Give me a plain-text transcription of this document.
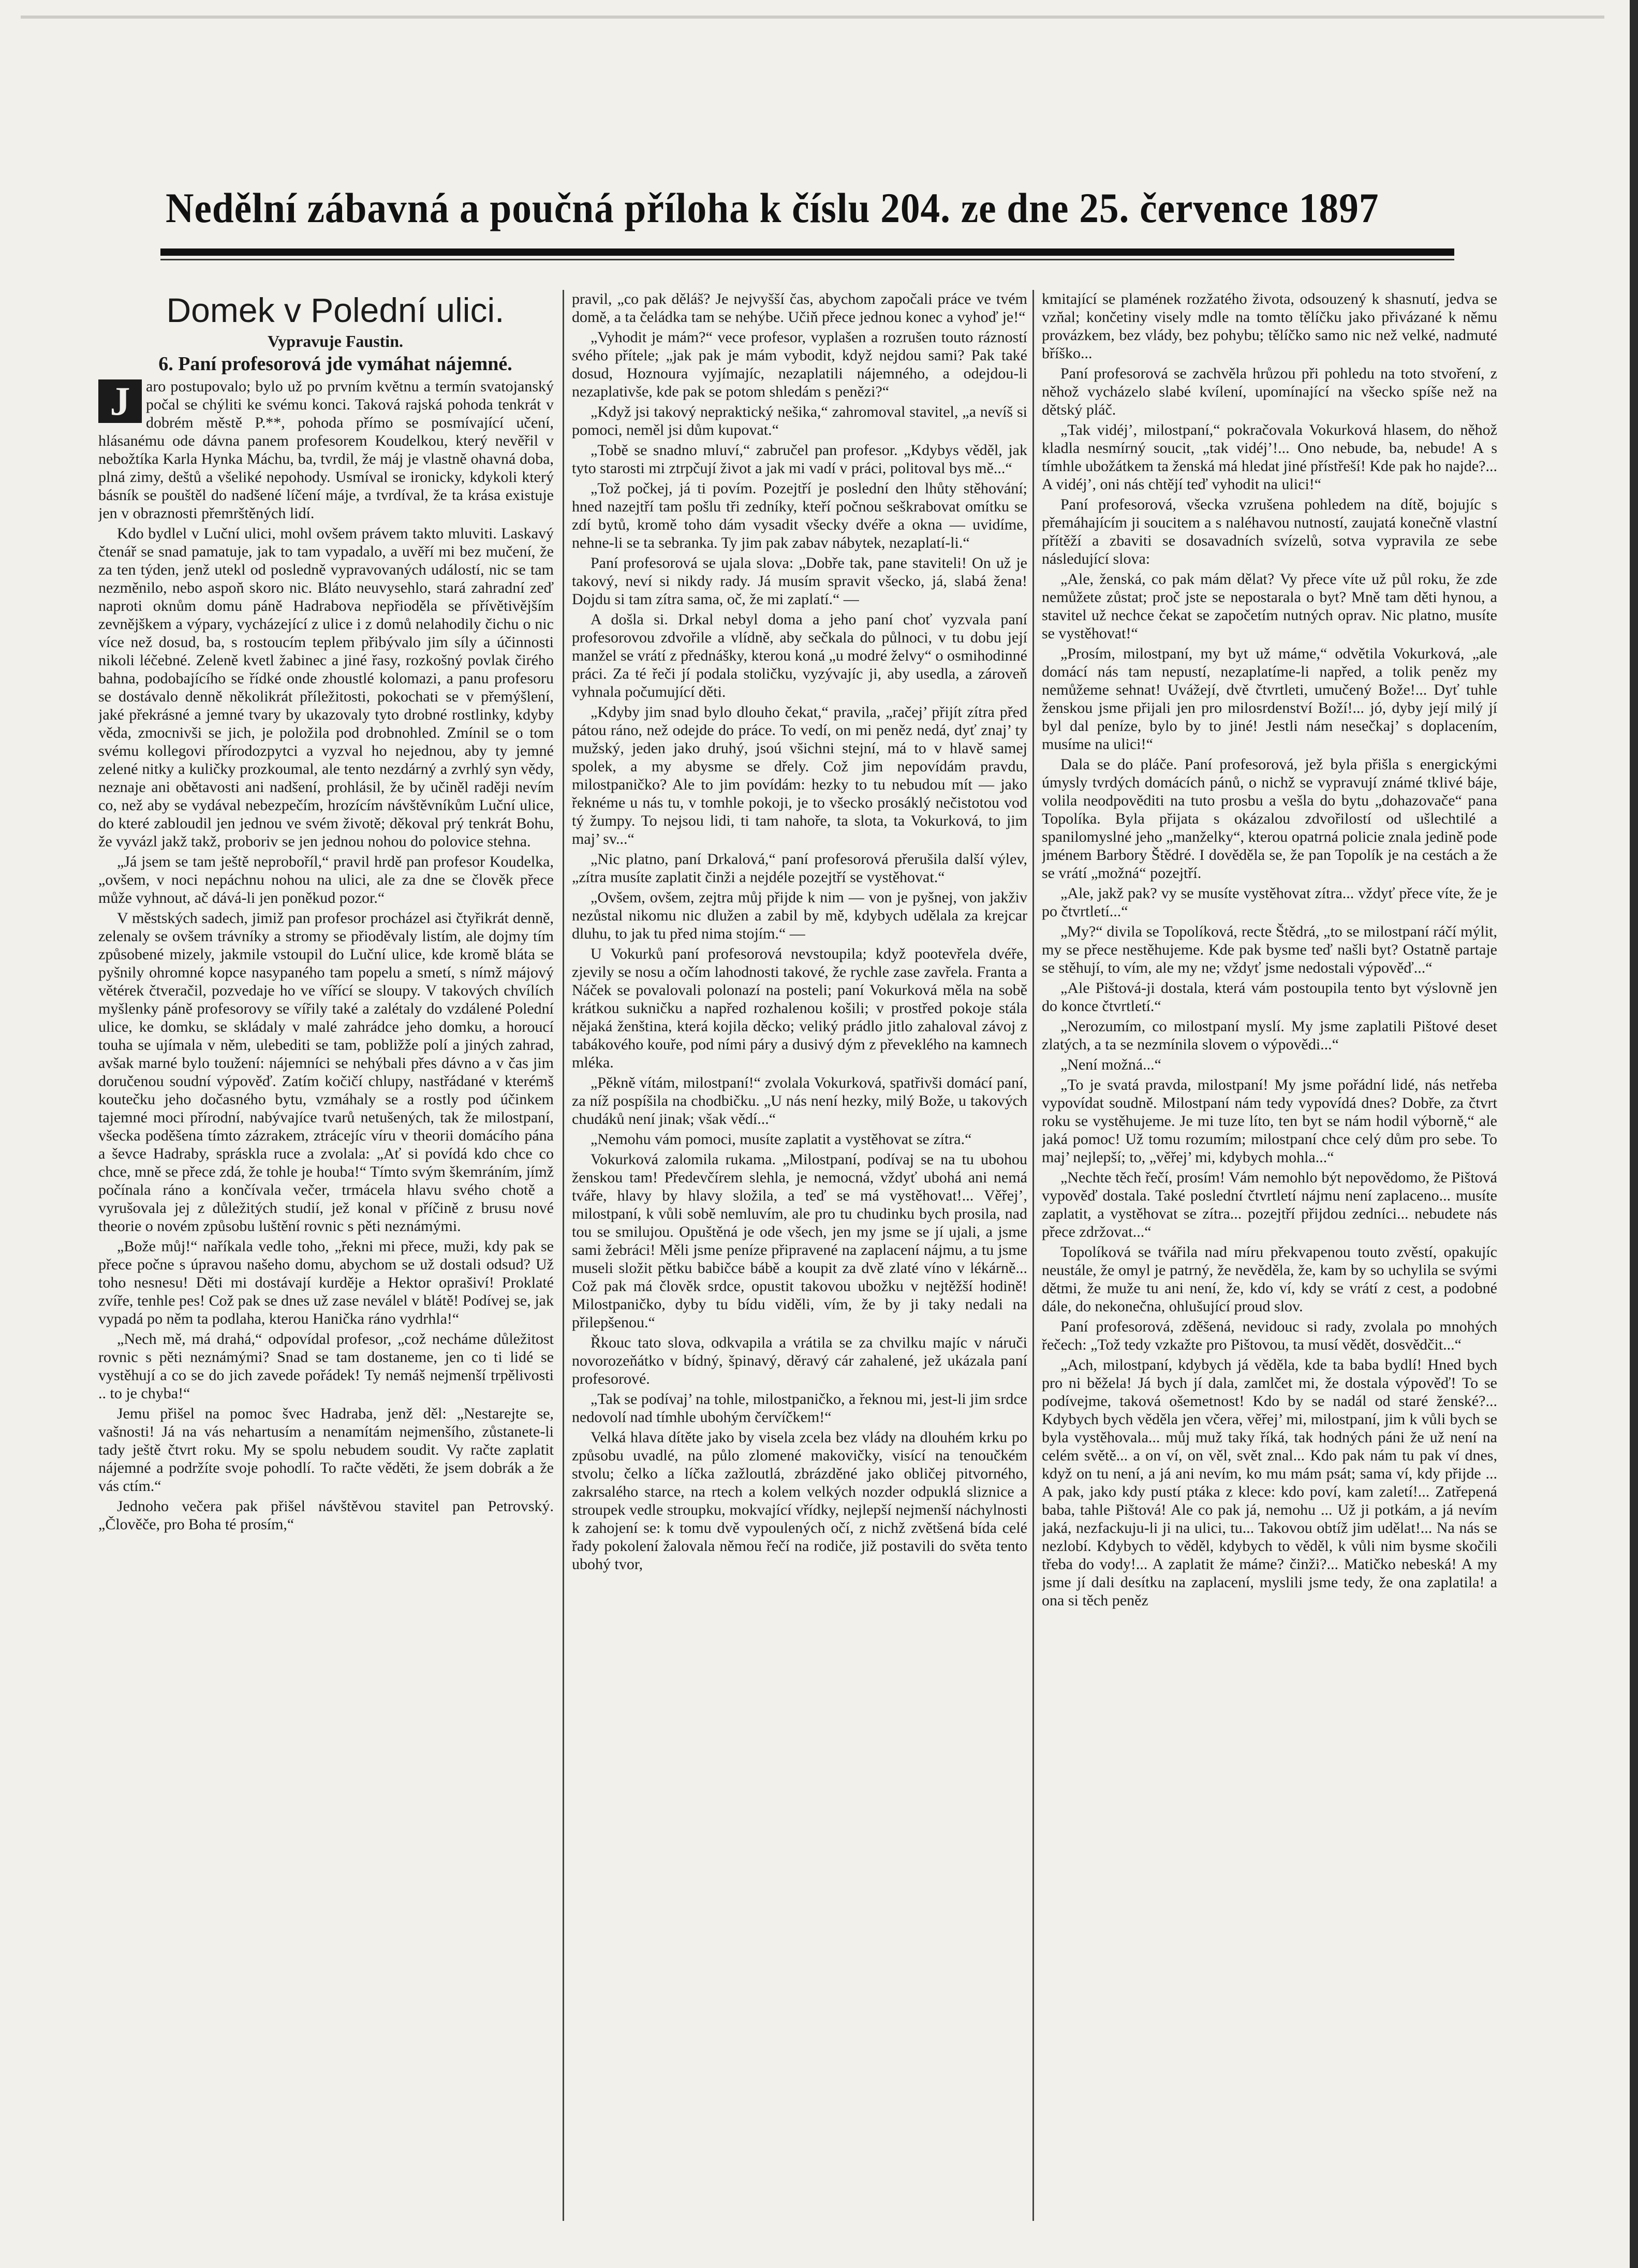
Nedělní zábavná a poučná příloha k číslu 204. ze dne 25. července 1897

Domek v Polední ulici.

Vypravuje Faustin.

6. Paní profesorová jde vymáhat nájemné.

J	aro postupovalo; bylo už po prvním květnu a termín svatojanský počal se chýliti ke svému konci. Taková rajská pohoda tenkrát v dobrém městě P.**, pohoda přímo se posmívající učení, hlásanému ode dávna panem profesorem Koudelkou, který nevěřil v nebožtíka Karla Hynka Máchu, ba, tvrdil, že máj je vlastně ohavná doba, plná zimy, deštů a všeliké nepohody. Usmíval se ironicky, kdykoli který básník se pouštěl do nadšené líčení máje, a tvrdíval, že ta krása existuje jen v obraznosti přemrštěných lidí.

Kdo bydlel v Luční ulici, mohl ovšem právem takto mluviti. Laskavý čtenář se snad pamatuje, jak to tam vypadalo, a uvěří mi bez mučení, že za ten týden, jenž utekl od posledně vypravovaných událostí, nic se tam nezměnilo, nebo aspoň skoro nic. Bláto neuvysehlo, stará zahradní zeď naproti oknům domu páně Hadrabova nepřioděla se přívětivějším zevnějškem a výpary, vycházející z ulice i z domů nelahodily čichu o nic více než dosud, ba, s rostoucím teplem přibývalo jim síly a účinnosti nikoli léčebné. Zeleně kvetl žabinec a jiné řasy, rozkošný povlak čirého bahna, podobajícího se řídké onde zhoustlé kolomazi, a panu profesoru se dostávalo denně několikrát příležitosti, pokochati se v přemýšlení, jaké překrásné a jemné tvary by ukazovaly tyto drobné rostlinky, kdyby věda, zmocnivši se jich, je položila pod drobnohled. Zmínil se o tom svému kollegovi přírodozpytci a vyzval ho nejednou, aby ty jemné zelené nitky a kuličky prozkoumal, ale tento nezdárný a zvrhlý syn vědy, neznaje ani obětavosti ani nadšení, prohlásil, že by učiněl raději nevím co, než aby se vydával nebezpečím, hrozícím návštěvníkům Luční ulice, do které zabloudil jen jednou ve svém životě; děkoval prý tenkrát Bohu, že vyvázl jakž takž, proboriv se jen jednou nohou do polovice stehna.

„Já jsem se tam ještě neproboříl,“ pravil hrdě pan profesor Koudelka, „ovšem, v noci nepáchnu nohou na ulici, ale za dne se člověk přece může vyhnout, ač dává-li jen poněkud pozor.“

V městských sadech, jimiž pan profesor procházel asi čtyřikrát denně, zelenaly se ovšem trávníky a stromy se přioděvaly listím, ale dojmy tím způsobené mizely, jakmile vstoupil do Luční ulice, kde kromě bláta se pyšnily ohromné kopce nasypaného tam popelu a smetí, s nímž májový větérek čtveračil, pozvedaje ho ve vířící se sloupy. V takových chvílích myšlenky páně profesorovy se vířily také a zalétaly do vzdálené Polední ulice, ke domku, se skládaly v malé zahrádce jeho domku, a horoucí touha se ujímala v něm, ulebediti se tam, pobližže polí a jiných zahrad, avšak marné bylo toužení: nájemníci se nehýbali přes dávno a v čas jim doručenou soudní výpověď. Zatím kočičí chlupy, nastřádané v kterémš koutečku jeho dočasného bytu, vzmáhaly se a rostly pod účinkem tajemné moci přírodní, nabývajíce tvarů netušených, tak že milostpaní, všecka poděšena tímto zázrakem, ztrácejíc víru v theorii domácího pána a ševce Hadraby, spráskla ruce a zvolala: „Ať si povídá kdo chce co chce, mně se přece zdá, že tohle je houba!“ Tímto svým škemráním, jímž počínala ráno a končívala večer, trmácela hlavu svého chotě a vyrušovala jej z důležitých studií, jež konal v příčině z brusu nové theorie o novém způsobu luštění rovnic s pěti neznámými.

„Bože můj!“ naříkala vedle toho, „řekni mi přece, muži, kdy pak se přece počne s úpravou našeho domu, abychom se už dostali odsud? Už toho nesnesu! Děti mi dostávají kurděje a Hektor oprašiví! Proklaté zvíře, tenhle pes! Což pak se dnes už zase neválel v blátě! Podívej se, jak vypadá po něm ta podlaha, kterou Hanička ráno vydrhla!“

„Nech mě, má drahá,“ odpovídal profesor, „což necháme důležitost rovnic s pěti neznámými? Snad se tam dostaneme, jen co ti lidé se vystěhují a co se do jich zavede pořádek! Ty nemáš nejmenší trpělivosti .. to je chyba!“

Jemu přišel na pomoc švec Hadraba, jenž děl: „Nestarejte se, vašnosti! Já na vás nehartusím a nenamítám nejmenšího, zůstanete-li tady ještě čtvrt roku. My se spolu nebudem soudit. Vy račte zaplatit nájemné a podržíte svoje pohodlí. To račte věděti, že jsem dobrák a že vás ctím.“

Jednoho večera pak přišel návštěvou stavitel pan Petrovský. „Člověče, pro Boha té prosím,“

pravil, „co pak děláš? Je nejvyšší čas, abychom započali práce ve tvém domě, a ta čeládka tam se nehýbe. Učiň přece jednou konec a vyhoď je!“

„Vyhodit je mám?“ vece profesor, vyplašen a rozrušen touto rázností svého přítele; „jak pak je mám vybodit, když nejdou sami? Pak také dosud, Hoznoura vyjímajíc, nezaplatili nájemného, a odejdou-li nezaplativše, kde pak se potom shledám s penězi?“

„Když jsi takový nepraktický nešika,“ zahromoval stavitel, „a nevíš si pomoci, neměl jsi dům kupovat.“

„Tobě se snadno mluví,“ zabručel pan profesor. „Kdybys věděl, jak tyto starosti mi ztrpčují život a jak mi vadí v práci, politoval bys mě...“

„Tož počkej, já ti povím. Pozejtří je poslední den lhůty stěhování; hned nazejtří tam pošlu tři zedníky, kteří počnou seškrabovat omítku se zdí bytů, kromě toho dám vysadit všecky dvéře a okna — uvidíme, nehne-li se ta sebranka. Ty jim pak zabav nábytek, nezaplatí-li.“

Paní profesorová se ujala slova: „Dobře tak, pane staviteli! On už je takový, neví si nikdy rady. Já musím spravit všecko, já, slabá žena! Dojdu si tam zítra sama, oč, že mi zaplatí.“ —

A došla si. Drkal nebyl doma a jeho paní choť vyzvala paní profesorovou zdvořile a vlídně, aby sečkala do půlnoci, v tu dobu její manžel se vrátí z přednášky, kterou koná „u modré želvy“ o osmihodinné práci. Za té řeči jí podala stoličku, vyzývajíc ji, aby usedla, a zároveň vyhnala počumující děti.

„Kdyby jim snad bylo dlouho čekat,“ pravila, „račej’ přijít zítra před pátou ráno, než odejde do práce. To vedí, on mi peněz nedá, dyť znaj’ ty mužský, jeden jako druhý, jsoú všichni stejní, má to v hlavě samej spolek, a my abysme se dřely. Což jim nepovídám pravdu, milostpaničko? Ale to jim povídám: hezky to tu nebudou mít — jako řeknéme u nás tu, v tomhle pokoji, je to všecko prosáklý nečistotou vod tý žumpy. To nejsou lidi, ti tam nahoře, ta slota, ta Vokurková, to jim maj’ sv...“

„Nic platno, paní Drkalová,“ paní profesorová přerušila další výlev, „zítra musíte zaplatit činži a nejdéle pozejtří se vystěhovat.“

„Ovšem, ovšem, zejtra můj přijde k nim — von je pyšnej, von jakživ nezůstal nikomu nic dlužen a zabil by mě, kdybych udělala za krejcar dluhu, to jak tu před nima stojím.“ —

U Vokurků paní profesorová nevstoupila; když pootevřela dvéře, zjevily se nosu a očím lahodnosti takové, že rychle zase zavřela. Franta a Náček se povalovali polonazí na posteli; paní Vokurková měla na sobě krátkou sukničku a napřed rozhalenou košili; v prostřed pokoje stála nějaká ženština, která kojila děcko; veliký prádlo jitlo zahaloval závoj z tabákového kouře, pod ními páry a dusivý dým z převeklého na kamnech mléka.

„Pěkně vítám, milostpaní!“ zvolala Vokurková, spatřivši domácí paní, za níž pospíšila na chodbičku. „U nás není hezky, milý Bože, u takových chudáků není jinak; však vědí...“

„Nemohu vám pomoci, musíte zaplatit a vystěhovat se zítra.“

Vokurková zalomila rukama. „Milostpaní, podívaj se na tu ubohou ženskou tam! Předevčírem slehla, je nemocná, vždyť ubohá ani nemá tváře, hlavy by hlavy složila, a teď se má vystěhovat!... Věřej’, milostpaní, k vůli sobě nemluvím, ale pro tu chudinku bych prosila, nad tou se smilujou. Opuštěná je ode všech, jen my jsme se jí ujali, a jsme sami žebráci! Měli jsme peníze připravené na zaplacení nájmu, a tu jsme museli složit pětku babičce bábě a koupit za dvě zlaté víno v lékárně... Což pak má člověk srdce, opustit takovou ubožku v nejtěžší hodině! Milostpaničko, dyby tu bídu viděli, vím, že by ji taky nedali na přilepšenou.“

Řkouc tato slova, odkvapila a vrátila se za chvilku majíc v náruči novorozeňátko v bídný, špinavý, děravý cár zahalené, jež ukázala paní profesorové.

„Tak se podívaj’ na tohle, milostpaničko, a řeknou mi, jest-li jim srdce nedovolí nad tímhle ubohým červíčkem!“

Velká hlava dítěte jako by visela zcela bez vlády na dlouhém krku po způsobu uvadlé, na půlo zlomené makovičky, visící na tenoučkém stvolu; čelko a líčka zažloutlá, zbrázděné jako obličej pitvorného, zakrsalého starce, na rtech a kolem velkých nozder odpuklá sliznice a stroupek vedle stroupku, mokvající vřídky, nejlepší nejmenší náchylnosti k zahojení se: k tomu dvě vypoulených očí, z nichž zvětšená bída celé řady pokolení žalovala němou řečí na rodiče, již postavili do světa tento ubohý tvor,

kmitající se plamének rozžatého života, odsouzený k shasnutí, jedva se vzňal; končetiny visely mdle na tomto tělíčku jako přivázané k němu provázkem, bez vlády, bez pohybu; tělíčko samo nic než velké, nadmuté bříško...

Paní profesorová se zachvěla hrůzou při pohledu na toto stvoření, z něhož vycházelo slabé kvílení, upomínající na všecko spíše než na dětský pláč.

„Tak vidéj’, milostpaní,“ pokračovala Vokurková hlasem, do něhož kladla nesmírný soucit, „tak vidéj’!... Ono nebude, ba, nebude! A s tímhle ubožátkem ta ženská má hledat jiné přístřeší! Kde pak ho najde?... A vidéj’, oni nás chtějí teď vyhodit na ulici!“

Paní profesorová, všecka vzrušena pohledem na dítě, bojujíc s přemáhajícím ji soucitem a s naléhavou nutností, zaujatá konečně vlastní přítěží a zbaviti se dosavadních svízelů, sotva vypravila ze sebe následující slova:

„Ale, ženská, co pak mám dělat? Vy přece víte už půl roku, že zde nemůžete zůstat; proč jste se nepostarala o byt? Mně tam děti hynou, a stavitel už nechce čekat se započetím nutných oprav. Nic platno, musíte se vystěhovat!“

„Prosím, milostpaní, my byt už máme,“ odvětila Vokurková, „ale domácí nás tam nepustí, nezaplatíme-li napřed, a tolik peněz my nemůžeme sehnat! Uvážejí, dvě čtvrtleti, umučený Bože!... Dyť tuhle ženskou jsme přijali jen pro milosrdenství Boží!... jó, dyby její milý jí byl dal peníze, bylo by to jiné! Jestli nám nesečkaj’ s doplacením, musíme na ulici!“

Dala se do pláče. Paní profesorová, jež byla přišla s energickými úmysly tvrdých domácích pánů, o nichž se vypravují známé tklivé báje, volila neodpověditi na tuto prosbu a vešla do bytu „dohazovače“ pana Topolíka. Byla přijata s okázalou zdvořilostí od ušlechtilé a spanilomyslné jeho „manželky“, kterou opatrná policie znala jedině pode jménem Barbory Štědré. I dověděla se, že pan Topolík je na cestách a že se vrátí „možná“ pozejtří.

„Ale, jakž pak? vy se musíte vystěhovat zítra... vždyť přece víte, že je po čtvrtletí...“

„My?“ divila se Topolíková, recte Štědrá, „to se milostpaní ráčí mýlit, my se přece nestěhujeme. Kde pak bysme teď našli byt? Ostatně partaje se stěhují, to vím, ale my ne; vždyť jsme nedostali výpověď...“

„Ale Pištová-ji dostala, která vám postoupila tento byt výslovně jen do konce čtvrtletí.“

„Nerozumím, co milostpaní myslí. My jsme zaplatili Pištové deset zlatých, a ta se nezmínila slovem o výpovědi...“

„Není možná...“

„To je svatá pravda, milostpaní! My jsme pořádní lidé, nás netřeba vypovídat soudně. Milostpaní nám tedy vypovídá dnes? Dobře, za čtvrt roku se vystěhujeme. Je mi tuze líto, ten byt se nám hodil výborně,“ ale jaká pomoc! Už tomu rozumím; milostpaní chce celý dům pro sebe. To maj’ nejlepší; to, „věřej’ mi, kdybych mohla...“

„Nechte těch řečí, prosím! Vám nemohlo být nepovědomo, že Pištová vypověď dostala. Také poslední čtvrtletí nájmu není zaplaceno... musíte zaplatit, a vystěhovat se zítra... pozejtří přijdou zedníci... nebudete nás přece zdržovat...“

Topolíková se tvářila nad míru překvapenou touto zvěstí, opakujíc neustále, že omyl je patrný, že nevěděla, že, kam by so uchylila se svými dětmi, že muže tu ani není, že, kdo ví, kdy se vrátí z cest, a podobné dále, do nekonečna, ohlušující proud slov.

Paní profesorová, zděšená, nevidouc si rady, zvolala po mnohých řečech: „Tož tedy vzkažte pro Pištovou, ta musí vědět, dosvědčit...“

„Ach, milostpaní, kdybych já věděla, kde ta baba bydlí! Hned bych pro ni běžela! Já bych jí dala, zamlčet mi, že dostala výpověď! To se podívejme, taková ošemetnost! Kdo by se nadál od staré ženské?... Kdybych bych věděla jen včera, věřej’ mi, milostpaní, jim k vůli bych se byla vystěhovala... můj muž taky říká, tak hodných páni že už není na celém světě... a on ví, on věl, svět znal... Kdo pak nám tu pak ví dnes, když on tu není, a já ani nevím, ko mu mám psát; sama ví, kdy přijde ... A pak, jako kdy pustí ptáka z klece: kdo poví, kam zaletí!... Zatřepená baba, tahle Pištová! Ale co pak já, nemohu ... Už ji potkám, a já nevím jaká, nezfackuju-li ji na ulici, tu... Takovou obtíž jim udělat!... Na nás se nezlobí. Kdybych to věděl, kdybych to věděl, k vůli nim bysme skočili třeba do vody!... A zaplatit že máme? činži?... Matičko nebeská! A my jsme jí dali desítku na zaplacení, myslili jsme tedy, že ona zaplatila! a ona si těch peněz
